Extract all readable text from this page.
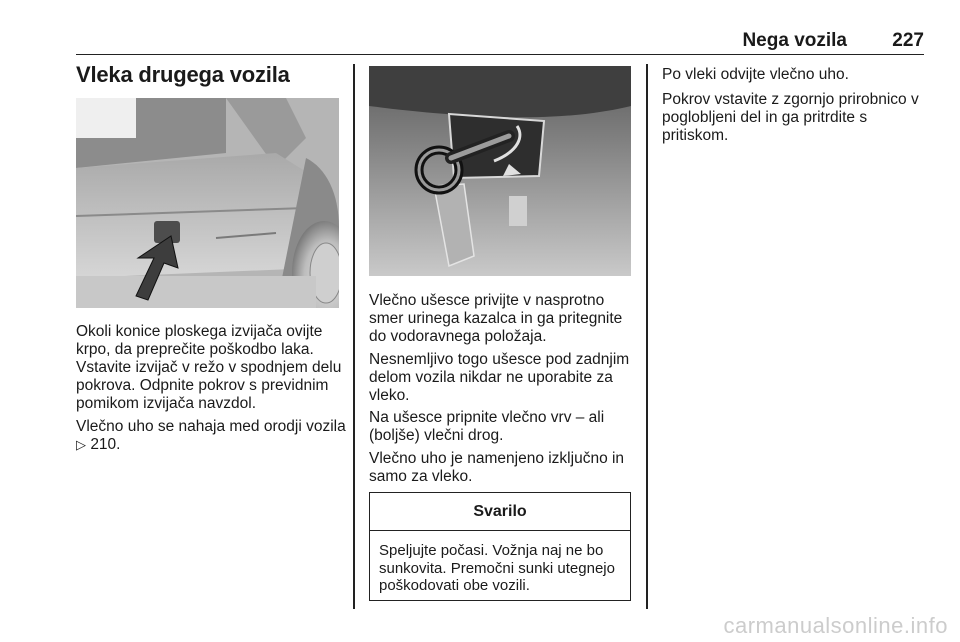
Nega vozila 227
Vleka drugega vozila

Okoli konice ploskega izvijača ovijte krpo, da preprečite poškodbo laka. Vstavite izvijač v režo v spodnjem delu pokrova. Odpnite pokrov s previdnim pomikom izvijača navzdol.

Vlečno uho se nahaja med orodji vozila ▷ 210.

Vlečno ušesce privijte v nasprotno smer urinega kazalca in ga pritegnite do vodoravnega položaja.

Nesnemljivo togo ušesce pod zadnjim delom vozila nikdar ne uporabite za vleko.

Na ušesce pripnite vlečno vrv – ali (boljše) vlečni drog.

Vlečno uho je namenjeno izključno in samo za vleko.

Svarilo
Speljujte počasi. Vožnja naj ne bo sunkovita. Premočni sunki utegnejo poškodovati obe vozili.

Po vleki odvijte vlečno uho.

Pokrov vstavite z zgornjo prirobnico v poglobljeni del in ga pritrdite s pritiskom.

carmanualsonline.info
